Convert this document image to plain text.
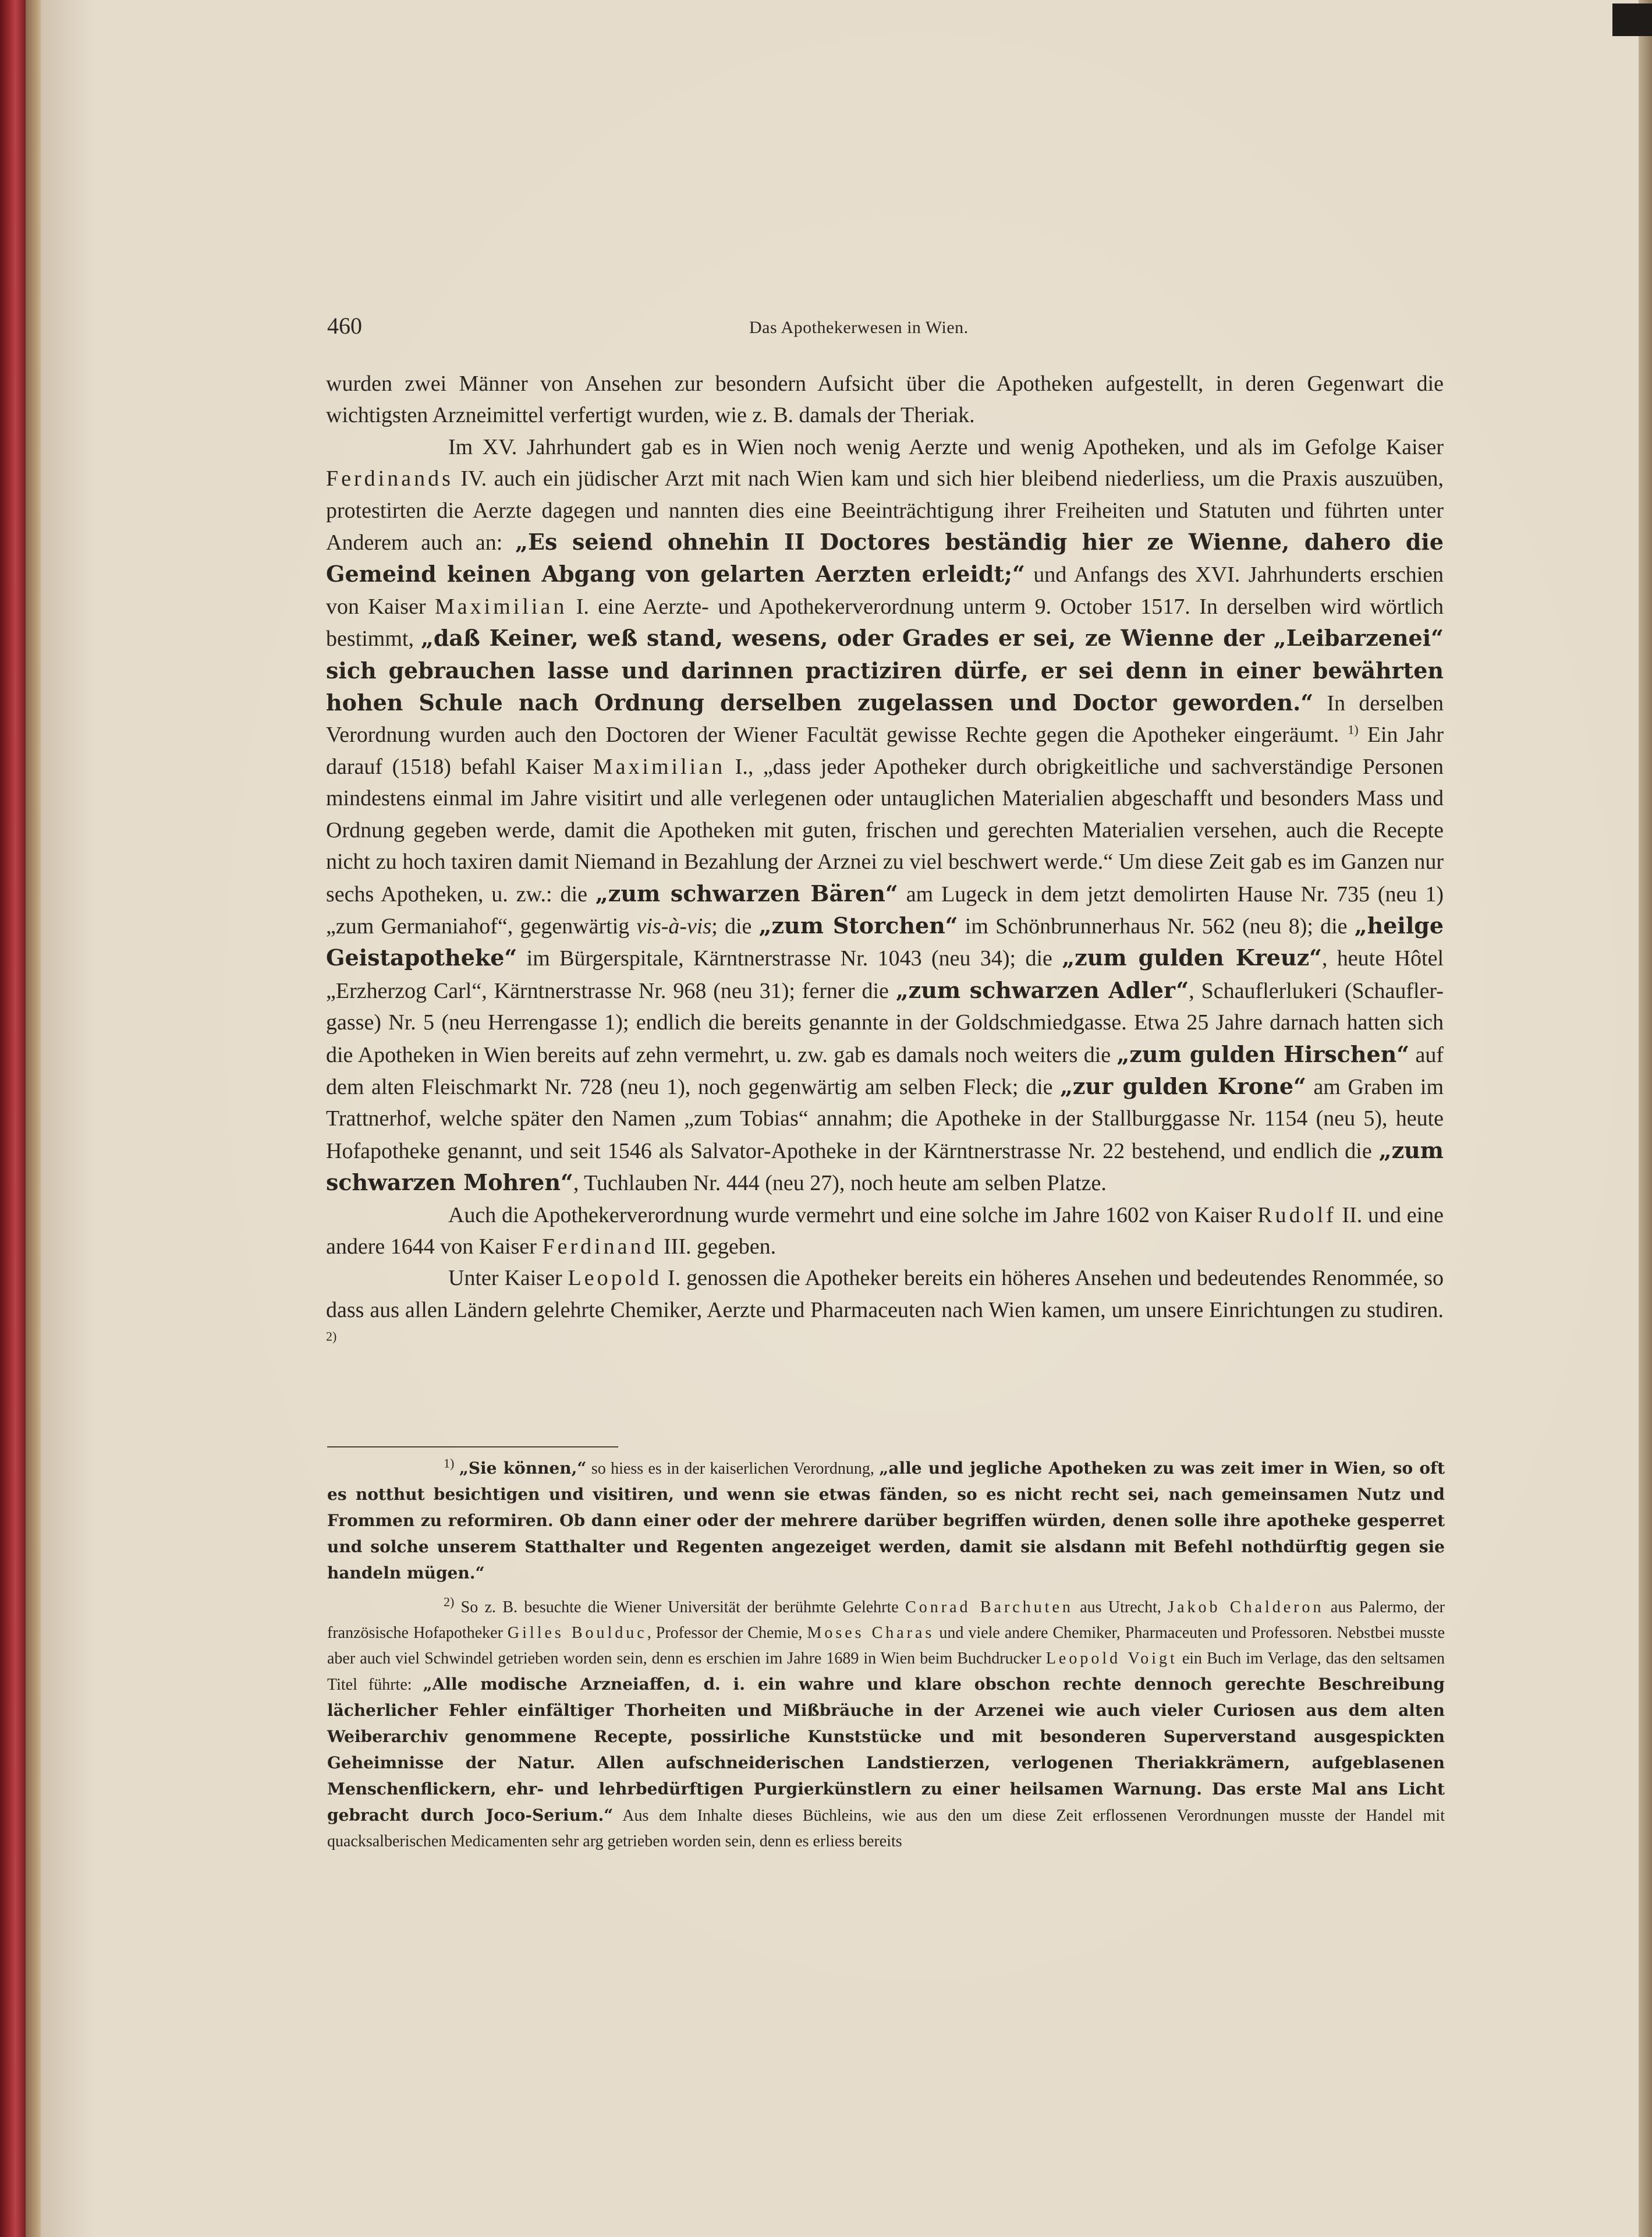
460	Das Apothekerwesen in Wien.

wurden zwei Männer von Ansehen zur besondern Aufsicht über die Apotheken aufgestellt, in deren Gegenwart die wichtigsten Arzneimittel verfertigt wurden, wie z. B. damals der Theriak.

Im XV. Jahrhundert gab es in Wien noch wenig Aerzte und wenig Apotheken, und als im Gefolge Kaiser Ferdinands IV. auch ein jüdischer Arzt mit nach Wien kam und sich hier bleibend niederliess, um die Praxis auszuüben, protestirten die Aerzte dagegen und nannten dies eine Beeinträchtigung ihrer Freiheiten und Statuten und führten unter Anderem auch an: „Es seiend ohnehin II Doctores beständig hier ze Wienne, dahero die Gemeind keinen Abgang von gelarten Aerzten erleidt;“ und Anfangs des XVI. Jahrhunderts erschien von Kaiser Maximilian I. eine Aerzte- und Apothekerverordnung unterm 9. October 1517. In derselben wird wörtlich bestimmt, „daß Keiner, weß stand, wesens, oder Grades er sei, ze Wienne der „Leibarzenei“ sich gebrauchen lasse und darinnen practiziren dürfe, er sei denn in einer bewährten hohen Schule nach Ordnung derselben zugelassen und Doctor geworden.“ In derselben Verordnung wurden auch den Doctoren der Wiener Facultät gewisse Rechte gegen die Apotheker eingeräumt. $^{1)}$ Ein Jahr darauf (1518) befahl Kaiser Maximilian I., „dass jeder Apotheker durch obrigkeitliche und sachverständige Personen mindestens einmal im Jahre visitirt und alle verlegenen oder untauglichen Materialien abgeschafft und besonders Mass und Ordnung gegeben werde, damit die Apotheken mit guten, frischen und gerechten Materialien versehen, auch die Recepte nicht zu hoch taxiren damit Niemand in Bezahlung der Arznei zu viel beschwert werde.“ Um diese Zeit gab es im Ganzen nur sechs Apotheken, u. zw.: die „zum schwarzen Bären“ am Lugeck in dem jetzt demolirten Hause Nr. 735 (neu 1) „zum Germaniahof“, gegenwärtig vis-à-vis; die „zum Storchen“ im Schönbrunnerhaus Nr. 562 (neu 8); die „heilge Geistapotheke“ im Bürgerspitale, Kärntnerstrasse Nr. 1043 (neu 34); die „zum gulden Kreuz“, heute Hôtel „Erzherzog Carl“, Kärntnerstrasse Nr. 968 (neu 31); ferner die „zum schwarzen Adler“, Schauflerlukeri (Schaufler-gasse) Nr. 5 (neu Herrengasse 1); endlich die bereits genannte in der Goldschmiedgasse. Etwa 25 Jahre darnach hatten sich die Apotheken in Wien bereits auf zehn vermehrt, u. zw. gab es damals noch weiters die „zum gulden Hirschen“ auf dem alten Fleischmarkt Nr. 728 (neu 1), noch gegenwärtig am selben Fleck; die „zur gulden Krone“ am Graben im Trattnerhof, welche später den Namen „zum Tobias“ annahm; die Apotheke in der Stallburggasse Nr. 1154 (neu 5), heute Hofapotheke genannt, und seit 1546 als Salvator-Apotheke in der Kärntnerstrasse Nr. 22 bestehend, und endlich die „zum schwarzen Mohren“, Tuchlauben Nr. 444 (neu 27), noch heute am selben Platze.

Auch die Apothekerverordnung wurde vermehrt und eine solche im Jahre 1602 von Kaiser Rudolf II. und eine andere 1644 von Kaiser Ferdinand III. gegeben.

Unter Kaiser Leopold I. genossen die Apotheker bereits ein höheres Ansehen und bedeutendes Renommée, so dass aus allen Ländern gelehrte Chemiker, Aerzte und Pharmaceuten nach Wien kamen, um unsere Einrichtungen zu studiren. $^{2)}$

$^{1)}$ „Sie können,“ so hiess es in der kaiserlichen Verordnung, „alle und jegliche Apotheken zu was zeit imer in Wien, so oft es notthut besichtigen und visitiren, und wenn sie etwas fänden, so es nicht recht sei, nach gemeinsamen Nutz und Frommen zu reformiren. Ob dann einer oder der mehrere darüber begriffen würden, denen solle ihre apotheke gesperret und solche unserem Statthalter und Regenten angezeiget werden, damit sie alsdann mit Befehl nothdürftig gegen sie handeln mügen.“

$^{2)}$ So z. B. besuchte die Wiener Universität der berühmte Gelehrte Conrad Barchuten aus Utrecht, Jakob Chalderon aus Palermo, der französische Hofapotheker Gilles Boulduc, Professor der Chemie, Moses Charas und viele andere Chemiker, Pharmaceuten und Professoren. Nebstbei musste aber auch viel Schwindel getrieben worden sein, denn es erschien im Jahre 1689 in Wien beim Buchdrucker Leopold Voigt ein Buch im Verlage, das den seltsamen Titel führte: „Alle modische Arzneiaffen, d. i. ein wahre und klare obschon rechte dennoch gerechte Beschreibung lächerlicher Fehler einfältiger Thorheiten und Mißbräuche in der Arzenei wie auch vieler Curiosen aus dem alten Weiberarchiv genommene Recepte, possirliche Kunststücke und mit besonderen Superverstand ausgespickten Geheimnisse der Natur. Allen aufschneiderischen Landstierzen, verlogenen Theriakkrämern, aufgeblasenen Menschenflickern, ehr- und lehrbedürftigen Purgierkünstlern zu einer heilsamen Warnung. Das erste Mal ans Licht gebracht durch Joco-Serium.“ Aus dem Inhalte dieses Büchleins, wie aus den um diese Zeit erflossenen Verordnungen musste der Handel mit quacksalberischen Medicamenten sehr arg getrieben worden sein, denn es erliess bereits
